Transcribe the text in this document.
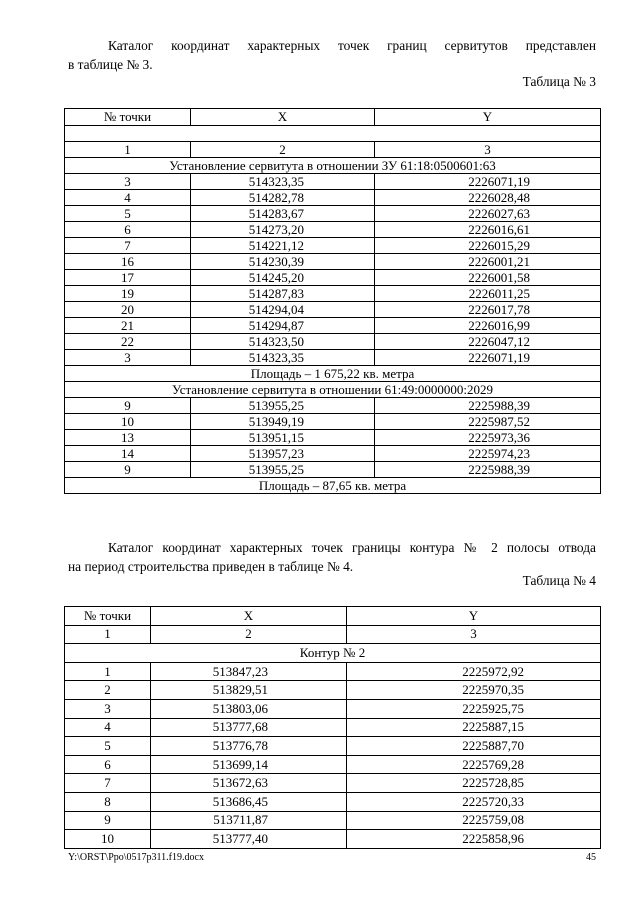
Каталог координат характерных точек границ сервитутов представлен
в таблице № 3.
Таблица № 3
№ точки	X	Y

1	2	3
Установление сервитута в отношении ЗУ 61:18:0500601:63		
3	514323,35	2226071,19
4	514282,78	2226028,48
5	514283,67	2226027,63
6	514273,20	2226016,61
7	514221,12	2226015,29
16	514230,39	2226001,21
17	514245,20	2226001,58
19	514287,83	2226011,25
20	514294,04	2226017,78
21	514294,87	2226016,99
22	514323,50	2226047,12
3	514323,35	2226071,19
Площадь – 1 675,22 кв. метра		
Установление сервитута в отношении 61:49:0000000:2029		
9	513955,25	2225988,39
10	513949,19	2225987,52
13	513951,15	2225973,36
14	513957,23	2225974,23
9	513955,25	2225988,39
Площадь – 87,65 кв. метра		
Каталог координат характерных точек границы контура № 2 полосы отвода
на период строительства приведен в таблице № 4.
Таблица № 4
№ точки	X	Y
1	2	3
Контур № 2		
1	513847,23	2225972,92
2	513829,51	2225970,35
3	513803,06	2225925,75
4	513777,68	2225887,15
5	513776,78	2225887,70
6	513699,14	2225769,28
7	513672,63	2225728,85
8	513686,45	2225720,33
9	513711,87	2225759,08
10	513777,40	2225858,96
Y:\ORST\Ppo\0517p311.f19.docx	45
